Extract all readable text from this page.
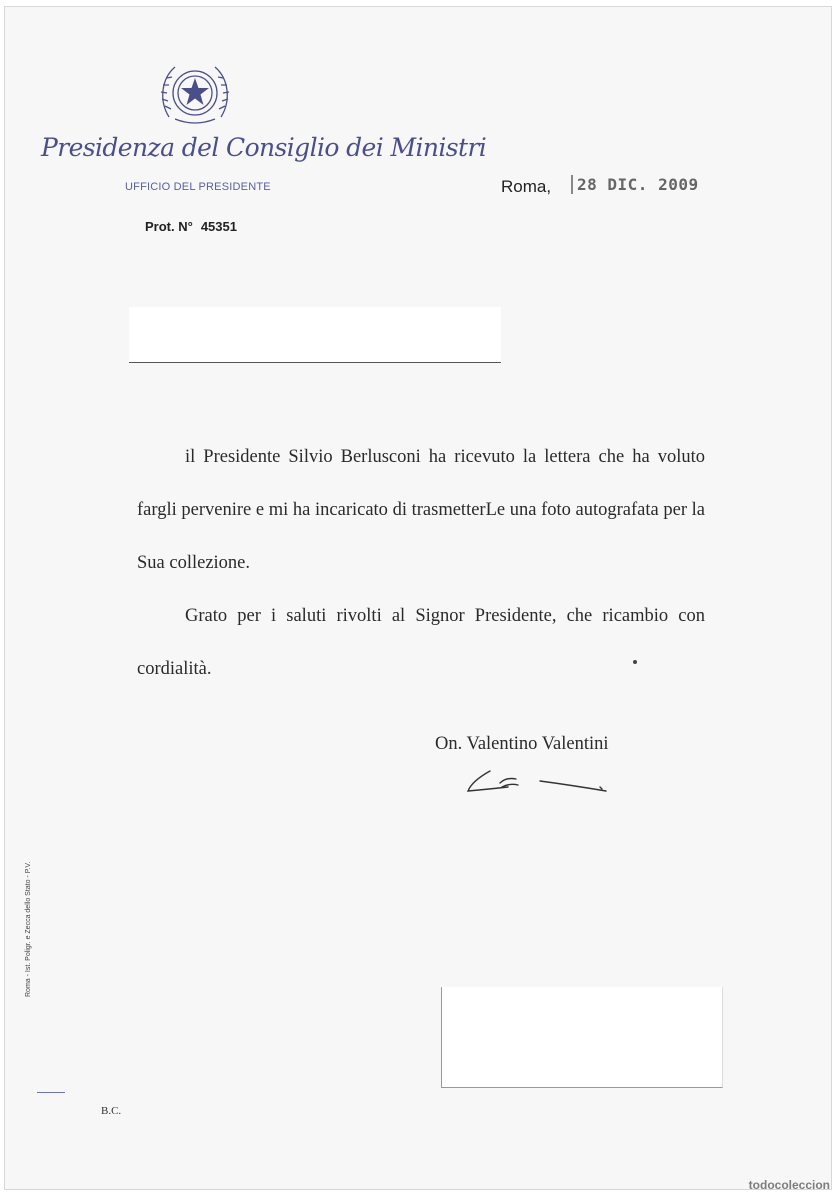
Presidenza del Consiglio dei Ministri
UFFICIO DEL PRESIDENTE
Prot. N° 45351
Roma,	28 DIC. 2009

il Presidente Silvio Berlusconi ha ricevuto la lettera che ha voluto fargli pervenire e mi ha incaricato di trasmetterLe una foto autografata per la Sua collezione.

Grato per i saluti rivolti al Signor Presidente, che ricambio con cordialità.

On. Valentino Valentini
Roma - Ist. Poligr. e Zecca dello Stato - P.V.
B.C.
todocoleccion
